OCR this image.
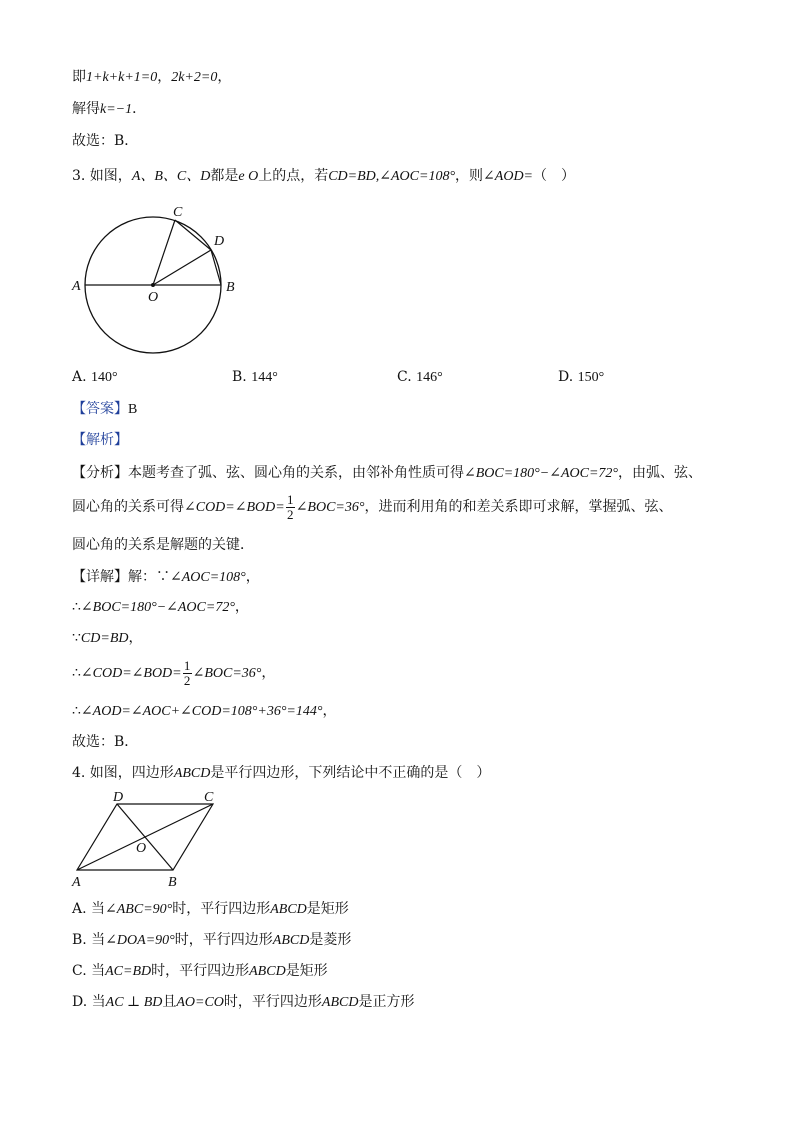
即1+k+k+1=0，2k+2=0，
解得k=−1．
故选：B．
3. 如图，A、B、C、D都是e O上的点，若CD=BD,∠AOC=108°，则∠AOD=（　）
A	B
C
D
O
A. 140°	B. 144°	C. 146°	D. 150°
【答案】B
【解析】
【分析】本题考查了弧、弦、圆心角的关系，由邻补角性质可得∠BOC=180°−∠AOC=72°，由弧、弦、
圆心角的关系可得∠COD=∠BOD= $\frac{1}{2}$ ∠BOC=36°，进而利用角的和差关系即可求解，掌握弧、弦、
圆心角的关系是解题的关键．
【详解】解：∵∠AOC=108°，
∴∠BOC=180°−∠AOC=72°，
∵CD=BD，
∴∠COD=∠BOD= $\frac{1}{2}$ ∠BOC=36°，
∴∠AOD=∠AOC+∠COD=108°+36°=144°，
故选：B．
4. 如图，四边形ABCD是平行四边形，下列结论中不正确的是（　）
D	C
O
A	B
A. 当∠ABC=90°时，平行四边形ABCD是矩形
B. 当∠DOA=90°时，平行四边形ABCD是菱形
C. 当AC=BD时，平行四边形ABCD是矩形
D. 当AC ⊥ BD且AO=CO时，平行四边形ABCD是正方形
